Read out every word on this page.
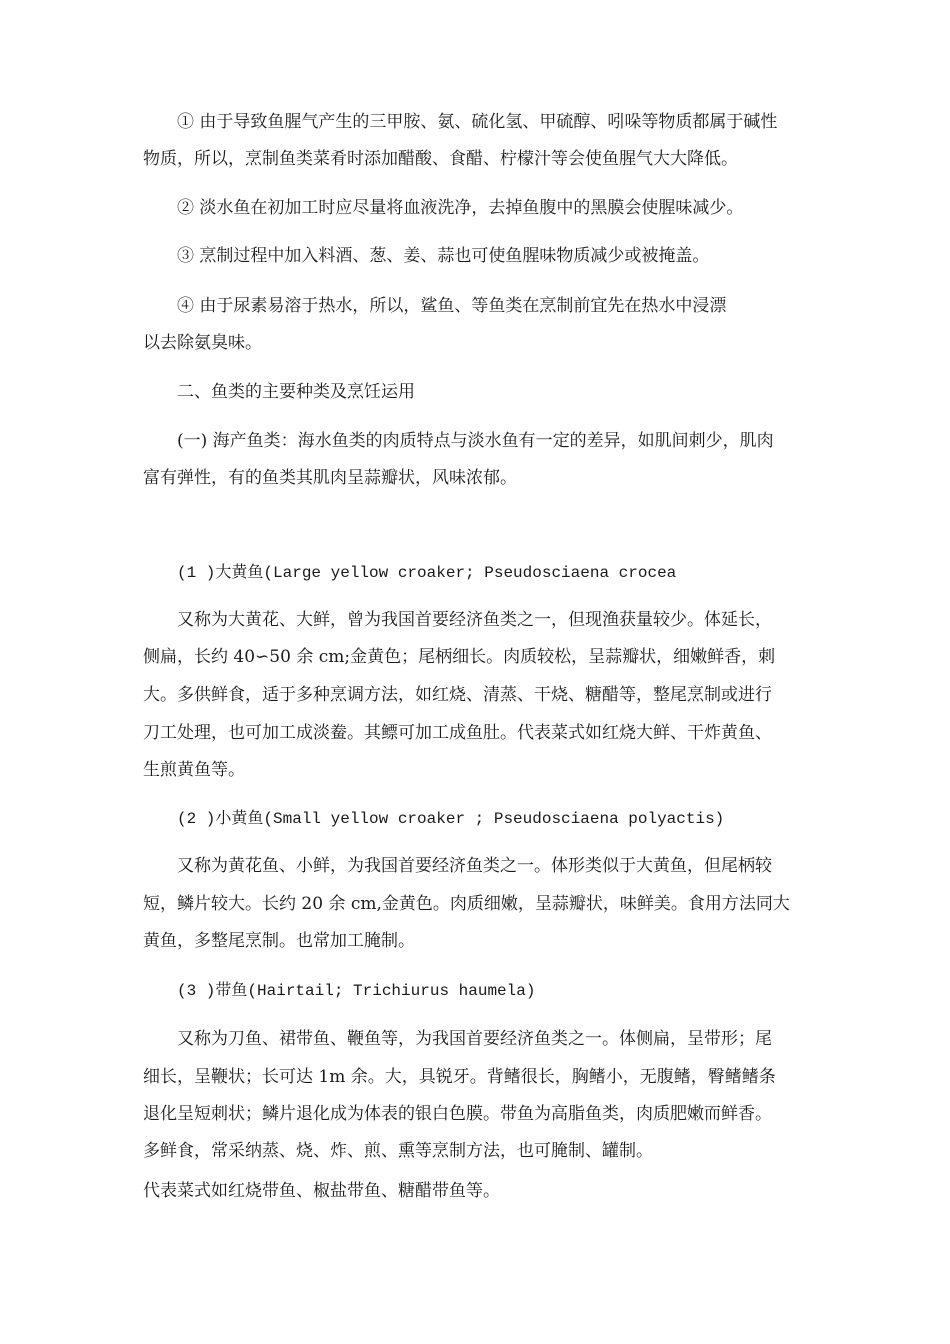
① 由于导致鱼腥气产生的三甲胺、氨、硫化氢、甲硫醇、吲哚等物质都属于碱性
物质，所以，烹制鱼类菜肴时添加醋酸、食醋、柠檬汁等会使鱼腥气大大降低。
② 淡水鱼在初加工时应尽量将血液洗净，去掉鱼腹中的黑膜会使腥味减少。
③ 烹制过程中加入料酒、葱、姜、蒜也可使鱼腥味物质减少或被掩盖。
④ 由于尿素易溶于热水，所以，鲨鱼、等鱼类在烹制前宜先在热水中浸漂
以去除氨臭味。
二、鱼类的主要种类及烹饪运用
(一) 海产鱼类：海水鱼类的肉质特点与淡水鱼有一定的差异，如肌间刺少，肌肉
富有弹性，有的鱼类其肌肉呈蒜瓣状，风味浓郁。
(1 )大黄鱼(Large yellow croaker; Pseudosciaena crocea
又称为大黄花、大鲜，曾为我国首要经济鱼类之一，但现渔获量较少。体延长，
侧扁，长约 40∽50 余 cm;金黄色；尾柄细长。肉质较松，呈蒜瓣状，细嫩鲜香，刺
大。多供鲜食，适于多种烹调方法，如红烧、清蒸、干烧、糖醋等，整尾烹制或进行
刀工处理，也可加工成淡鲞。其鳔可加工成鱼肚。代表菜式如红烧大鲜、干炸黄鱼、
生煎黄鱼等。
(2 )小黄鱼(Small yellow croaker ; Pseudosciaena polyactis)
又称为黄花鱼、小鲜，为我国首要经济鱼类之一。体形类似于大黄鱼，但尾柄较
短，鳞片较大。长约 20 余 cm,金黄色。肉质细嫩，呈蒜瓣状，味鲜美。食用方法同大
黄鱼，多整尾烹制。也常加工腌制。
(3 )带鱼(Hairtail; Trichiurus haumela)
又称为刀鱼、裙带鱼、鞭鱼等，为我国首要经济鱼类之一。体侧扁，呈带形；尾
细长，呈鞭状；长可达 1m 余。大，具锐牙。背鳍很长，胸鳍小，无腹鳍，臀鳍鳍条
退化呈短刺状；鳞片退化成为体表的银白色膜。带鱼为高脂鱼类，肉质肥嫩而鲜香。
多鲜食，常采纳蒸、烧、炸、煎、熏等烹制方法，也可腌制、罐制。
代表菜式如红烧带鱼、椒盐带鱼、糖醋带鱼等。
